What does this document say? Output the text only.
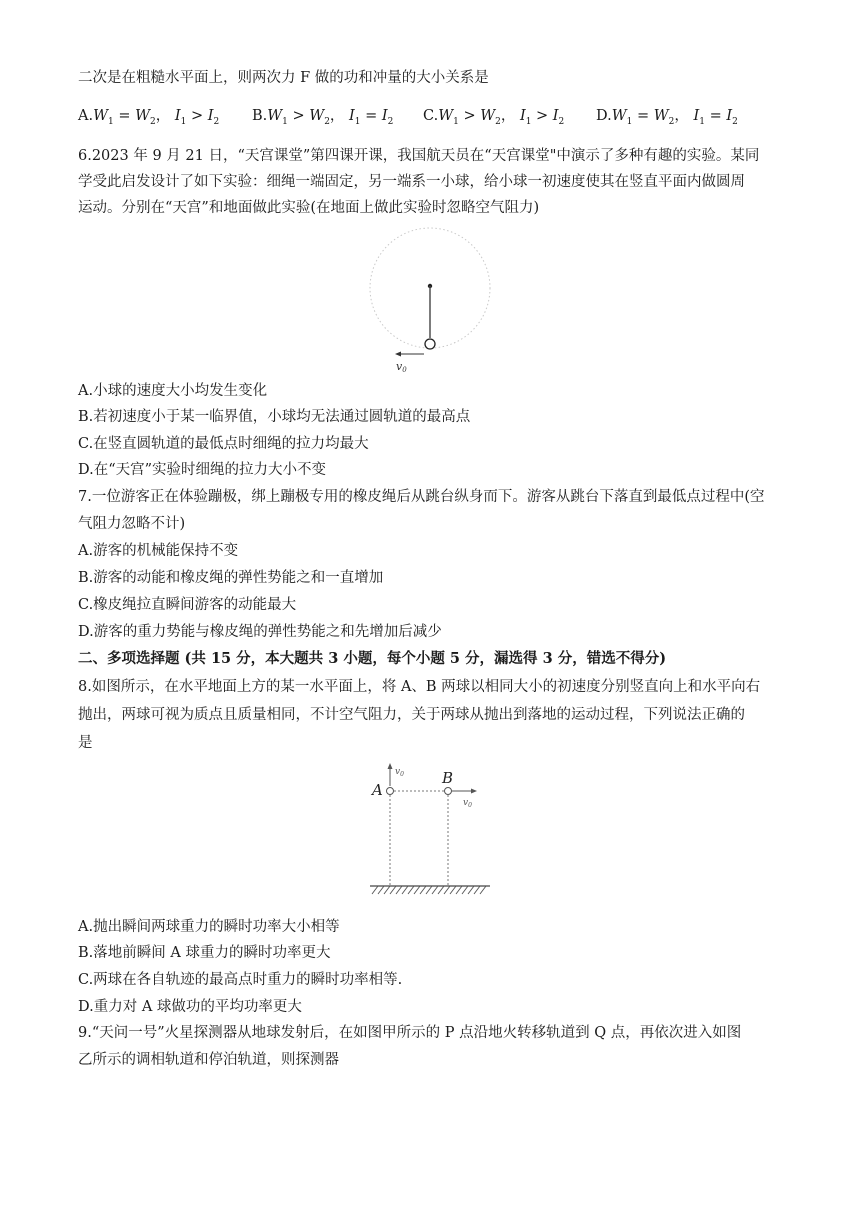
二次是在粗糙水平面上，则两次力 F 做的功和冲量的大小关系是
$A.W_1 = W_2$， $I_1 > I_2$ $B.W_1 > W_2$， $I_1 = I_2$ $C.W_1 > W_2$， $I_1 > I_2$ $D.W_1 = W_2$， $I_1 = I_2$
6.2023 年 9 月 21 日，“天宫课堂”第四课开课，我国航天员在“天宫课堂"中演示了多种有趣的实验。某同
学受此启发设计了如下实验：细绳一端固定，另一端系一小球，给小球一初速度使其在竖直平面内做圆周
运动。分别在“天宫”和地面做此实验(在地面上做此实验时忽略空气阻力)
v0
A.小球的速度大小均发生变化
B.若初速度小于某一临界值，小球均无法通过圆轨道的最高点
C.在竖直圆轨道的最低点时细绳的拉力均最大
D.在“天宫”实验时细绳的拉力大小不变
7.一位游客正在体验蹦极，绑上蹦极专用的橡皮绳后从跳台纵身而下。游客从跳台下落直到最低点过程中(空
气阻力忽略不计)
A.游客的机械能保持不变
B.游客的动能和橡皮绳的弹性势能之和一直增加
C.橡皮绳拉直瞬间游客的动能最大
D.游客的重力势能与橡皮绳的弹性势能之和先增加后减少
二、多项选择题 (共 15 分，本大题共 3 小题，每个小题 5 分，漏选得 3 分，错选不得分)
8.如图所示，在水平地面上方的某一水平面上，将 A、B 两球以相同大小的初速度分别竖直向上和水平向右
抛出，两球可视为质点且质量相同，不计空气阻力，关于两球从抛出到落地的运动过程，下列说法正确的
是
$v_0$
A
B
$v_0$
A.抛出瞬间两球重力的瞬时功率大小相等
B.落地前瞬间 A 球重力的瞬时功率更大
C.两球在各自轨迹的最高点时重力的瞬时功率相等.
D.重力对 A 球做功的平均功率更大
9.“天问一号”火星探测器从地球发射后，在如图甲所示的 P 点沿地火转移轨道到 Q 点，再依次进入如图
乙所示的调相轨道和停泊轨道，则探测器
